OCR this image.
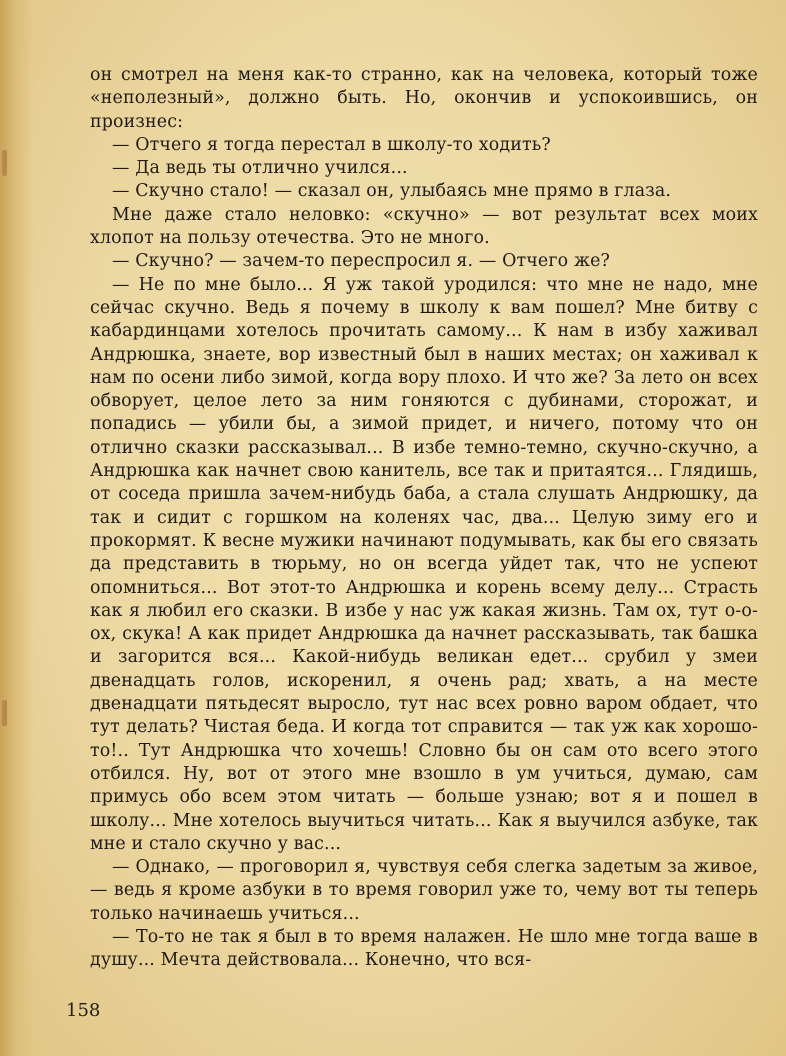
он смотрел на меня как-то странно, как на человека, который тоже «неполезный», должно быть. Но, окончив и успокоившись, он произнес:

— Отчего я тогда перестал в школу-то ходить?

— Да ведь ты отлично учился...

— Скучно стало! — сказал он, улыбаясь мне прямо в глаза.

Мне даже стало неловко: «скучно» — вот результат всех моих хлопот на пользу отечества. Это не много.

— Скучно? — зачем-то переспросил я. — Отчего же?

— Не по мне было... Я уж такой уродился: что мне не надо, мне сейчас скучно. Ведь я почему в школу к вам пошел? Мне битву с кабардинцами хотелось прочитать самому... К нам в избу хаживал Андрюшка, знаете, вор известный был в наших местах; он хаживал к нам по осени либо зимой, когда вору плохо. И что же? За лето он всех обворует, целое лето за ним гоняются с дубинами, сторожат, и попадись — убили бы, а зимой придет, и ничего, потому что он отлично сказки рассказывал... В избе темно-темно, скучно-скучно, а Андрюшка как начнет свою канитель, все так и притаятся... Глядишь, от соседа пришла зачем-нибудь баба, а стала слушать Андрюшку, да так и сидит с горшком на коленях час, два... Целую зиму его и прокормят. К весне мужики начинают подумывать, как бы его связать да представить в тюрьму, но он всегда уйдет так, что не успеют опомниться... Вот этот-то Андрюшка и корень всему делу... Страсть как я любил его сказки. В избе у нас уж какая жизнь. Там ох, тут о-о-ох, скука! А как придет Андрюшка да начнет рассказывать, так башка и загорится вся... Какой-нибудь великан едет... срубил у змеи двенадцать голов, искоренил, я очень рад; хвать, а на месте двенадцати пятьдесят выросло, тут нас всех ровно варом обдает, что тут делать? Чистая беда. И когда тот справится — так уж как хорошо-то!.. Тут Андрюшка что хочешь! Словно бы он сам ото всего этого отбился. Ну, вот от этого мне взошло в ум учиться, думаю, сам примусь обо всем этом читать — больше узнаю; вот я и пошел в школу... Мне хотелось выучиться читать... Как я выучился азбуке, так мне и стало скучно у вас...

— Однако, — проговорил я, чувствуя себя слегка задетым за живое, — ведь я кроме азбуки в то время говорил уже то, чему вот ты теперь только начинаешь учиться...

— То-то не так я был в то время налажен. Не шло мне тогда ваше в душу... Мечта действовала... Конечно, что вся-

158
